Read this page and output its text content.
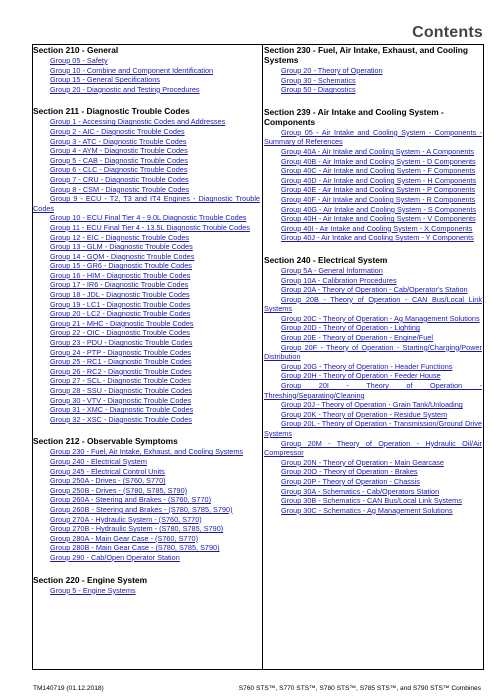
Contents
Section 210 - General
Group 05 - Safety
Group 10 - Combine and Component Identification
Group 15 - General Specifications
Group 20 - Diagnostic and Testing Procedures
Section 211 - Diagnostic Trouble Codes
Group 1 - Accessing Diagnostic Codes and Addresses
Group 2 - AIC - Diagnostic Trouble Codes
Group 3 - ATC - Diagnostic Trouble Codes
Group 4 - AYM - Diagnostic Trouble Codes
Group 5 - CAB - Diagnostic Trouble Codes
Group 6 - CLC - Diagnostic Trouble Codes
Group 7 - CRU - Diagnostic Trouble Codes
Group 8 - CSM - Diagnostic Trouble Codes
Group 9 - ECU - T2, T3 and IT4 Engines - Diagnostic Trouble Codes
Group 10 - ECU Final Tier 4 - 9.0L Diagnostic Trouble Codes
Group 11 - ECU Final Tier 4 - 13.5L Diagnostic Trouble Codes
Group 12 - EIC - Diagnostic Trouble Codes
Group 13 - GLM - Diagnostic Trouble Codes
Group 14 - GQM - Diagnostic Trouble Codes
Group 15 - GR6 - Diagnostic Trouble Codes
Group 16 - HIM - Diagnostic Trouble Codes
Group 17 - IR6 - Diagnostic Trouble Codes
Group 18 - JDL - Diagnostic Trouble Codes
Group 19 - LC1 - Diagnostic Trouble Codes
Group 20 - LC2 - Diagnostic Trouble Codes
Group 21 - MHC - Diagnostic Trouble Codes
Group 22 - OIC - Diagnostic Trouble Codes
Group 23 - PDU - Diagnostic Trouble Codes
Group 24 - PTP - Diagnostic Trouble Codes
Group 25 - RC1 - Diagnostic Trouble Codes
Group 26 - RC2 - Diagnostic Trouble Codes
Group 27 - SCL - Diagnostic Trouble Codes
Group 28 - SSU - Diagnostic Trouble Codes
Group 30 - VTV - Diagnostic Trouble Codes
Group 31 - XMC - Diagnostic Trouble Codes
Group 32 - XSC - Diagnostic Trouble Codes
Section 212 - Observable Symptoms
Group 230 - Fuel, Air Intake, Exhaust, and Cooling Systems
Group 240 - Electrical System
Group 245 - Electrical Control Units
Group 250A - Drives - (S760, S770)
Group 250B - Drives - (S780, S785, S790)
Group 260A - Steering and Brakes - (S760, S770)
Group 260B - Steering and Brakes - (S780, S785, S790)
Group 270A - Hydraulic System - (S760, S770)
Group 270B - Hydraulic System - (S780, S785, S790)
Group 280A - Main Gear Case - (S760, S770)
Group 280B - Main Gear Case - (S780, S785, S790)
Group 290 - Cab/Open Operator Station
Section 220 - Engine System
Group 5 - Engine Systems
Section 230 - Fuel, Air Intake, Exhaust, and Cooling Systems
Group 20 - Theory of Operation
Group 30 - Schematics
Group 50 - Diagnostics
Section 239 - Air Intake and Cooling System - Components
Group 05 - Air Intake and Cooling System - Components - Summary of References
Group 40A - Air Intake and Cooling System - A Components
Group 40B - Air Intake and Cooling System - D Components
Group 40C - Air Intake and Cooling System - F Components
Group 40D - Air Intake and Cooling System - H Components
Group 40E - Air Intake and Cooling System - P Components
Group 40F - Air Intake and Cooling System - R Components
Group 40G - Air Intake and Cooling System - S Components
Group 40H - Air Intake and Cooling System - V Components
Group 40I - Air Intake and Cooling System - X Components
Group 40J - Air Intake and Cooling System - Y Components
Section 240 - Electrical System
Group 5A - General Information
Group 10A - Calibration Procedures
Group 20A - Theory of Operation - Cab/Operator's Station
Group 20B - Theory of Operation - CAN Bus/Local Link Systems
Group 20C - Theory of Operation - Ag Management Solutions
Group 20D - Theory of Operation - Lighting
Group 20E - Theory of Operation - Engine/Fuel
Group 20F - Theory of Operation - Starting/Charging/Power Distribution
Group 20G - Theory of Operation - Header Functions
Group 20H - Theory of Operation - Feeder House
Group 20I - Theory of Operation - Threshing/Separating/Cleaning
Group 20J - Theory of Operation - Grain Tank/Unloading
Group 20K - Theory of Operation - Residue System
Group 20L - Theory of Operation - Transmission/Ground Drive Systems
Group 20M - Theory of Operation - Hydraulic Oil/Air Compressor
Group 20N - Theory of Operation - Main Gearcase
Group 20O - Theory of Operation - Brakes
Group 20P - Theory of Operation - Chassis
Group 30A - Schematics - Cab/Operators Station
Group 30B - Schematics - CAN Bus/Local Link Systems
Group 30C - Schematics - Ag Management Solutions
TM140719 (01.12.2018)	S760 STS™, S770 STS™, S780 STS™, S785 STS™, and S790 STS™ Combines
